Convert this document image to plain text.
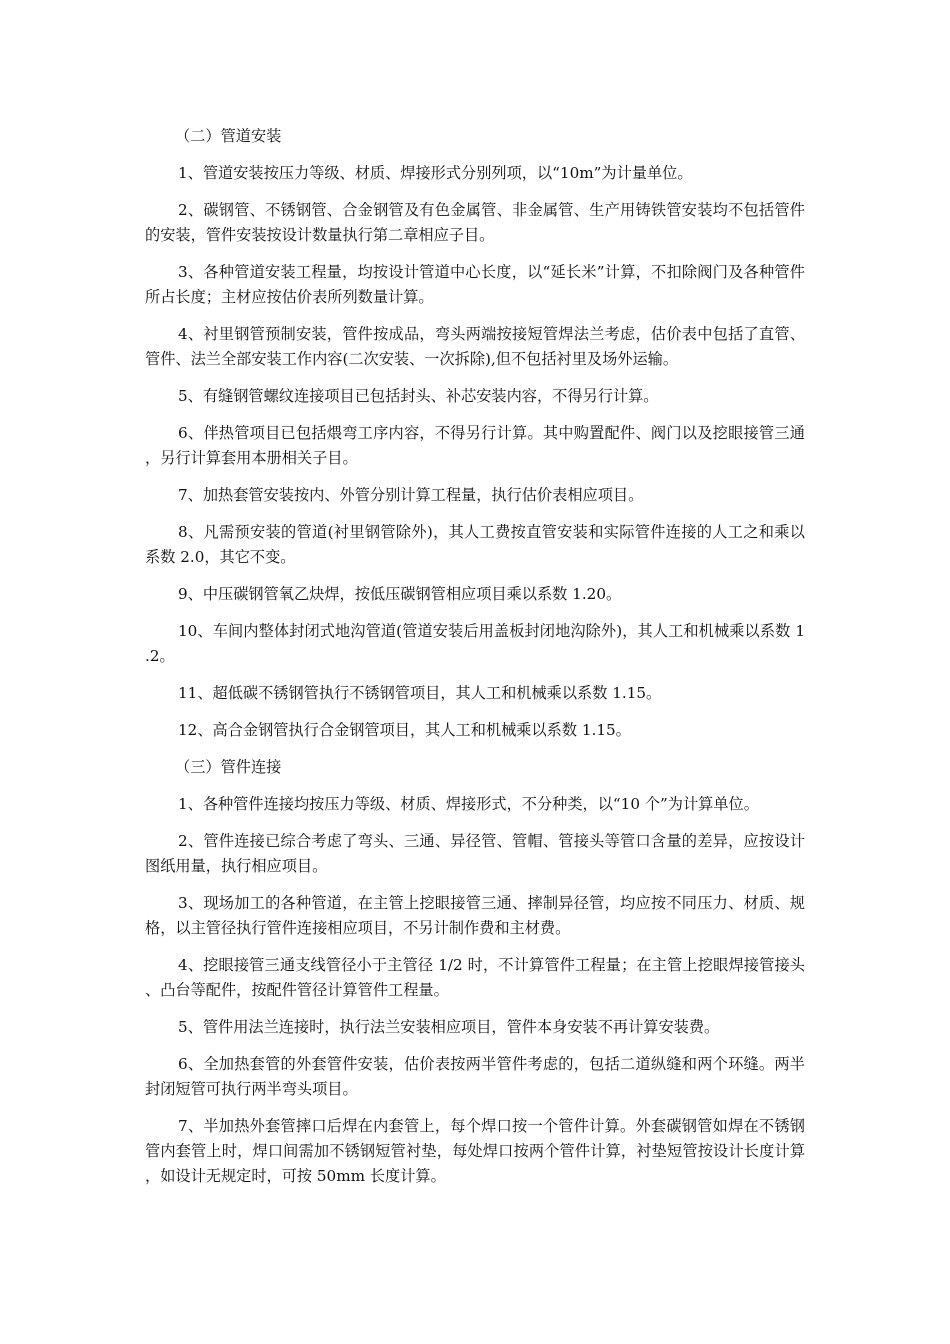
（二）管道安装

1、管道安装按压力等级、材质、焊接形式分别列项，以“10m”为计量单位。

2、碳钢管、不锈钢管、合金钢管及有色金属管、非金属管、生产用铸铁管安装均不包括管件的安装，管件安装按设计数量执行第二章相应子目。

3、各种管道安装工程量，均按设计管道中心长度，以“延长米”计算，不扣除阀门及各种管件所占长度；主材应按估价表所列数量计算。

4、衬里钢管预制安装，管件按成品，弯头两端按接短管焊法兰考虑，估价表中包括了直管、管件、法兰全部安装工作内容(二次安装、一次拆除),但不包括衬里及场外运输。

5、有缝钢管螺纹连接项目已包括封头、补芯安装内容，不得另行计算。

6、伴热管项目已包括煨弯工序内容，不得另行计算。其中购置配件、阀门以及挖眼接管三通，另行计算套用本册相关子目。

7、加热套管安装按内、外管分别计算工程量，执行估价表相应项目。

8、凡需预安装的管道(衬里钢管除外)，其人工费按直管安装和实际管件连接的人工之和乘以系数 2.0，其它不变。

9、中压碳钢管氧乙炔焊，按低压碳钢管相应项目乘以系数 1.20。

10、车间内整体封闭式地沟管道(管道安装后用盖板封闭地沟除外)，其人工和机械乘以系数 1.2。

11、超低碳不锈钢管执行不锈钢管项目，其人工和机械乘以系数 1.15。

12、高合金钢管执行合金钢管项目，其人工和机械乘以系数 1.15。

（三）管件连接

1、各种管件连接均按压力等级、材质、焊接形式，不分种类，以“10 个”为计算单位。

2、管件连接已综合考虑了弯头、三通、异径管、管帽、管接头等管口含量的差异，应按设计图纸用量，执行相应项目。

3、现场加工的各种管道，在主管上挖眼接管三通、摔制异径管，均应按不同压力、材质、规格，以主管径执行管件连接相应项目，不另计制作费和主材费。

4、挖眼接管三通支线管径小于主管径 1/2 时，不计算管件工程量；在主管上挖眼焊接管接头、凸台等配件，按配件管径计算管件工程量。

5、管件用法兰连接时，执行法兰安装相应项目，管件本身安装不再计算安装费。

6、全加热套管的外套管件安装，估价表按两半管件考虑的，包括二道纵缝和两个环缝。两半封闭短管可执行两半弯头项目。

7、半加热外套管摔口后焊在内套管上，每个焊口按一个管件计算。外套碳钢管如焊在不锈钢管内套管上时，焊口间需加不锈钢短管衬垫，每处焊口按两个管件计算，衬垫短管按设计长度计算，如设计无规定时，可按 50mm 长度计算。
